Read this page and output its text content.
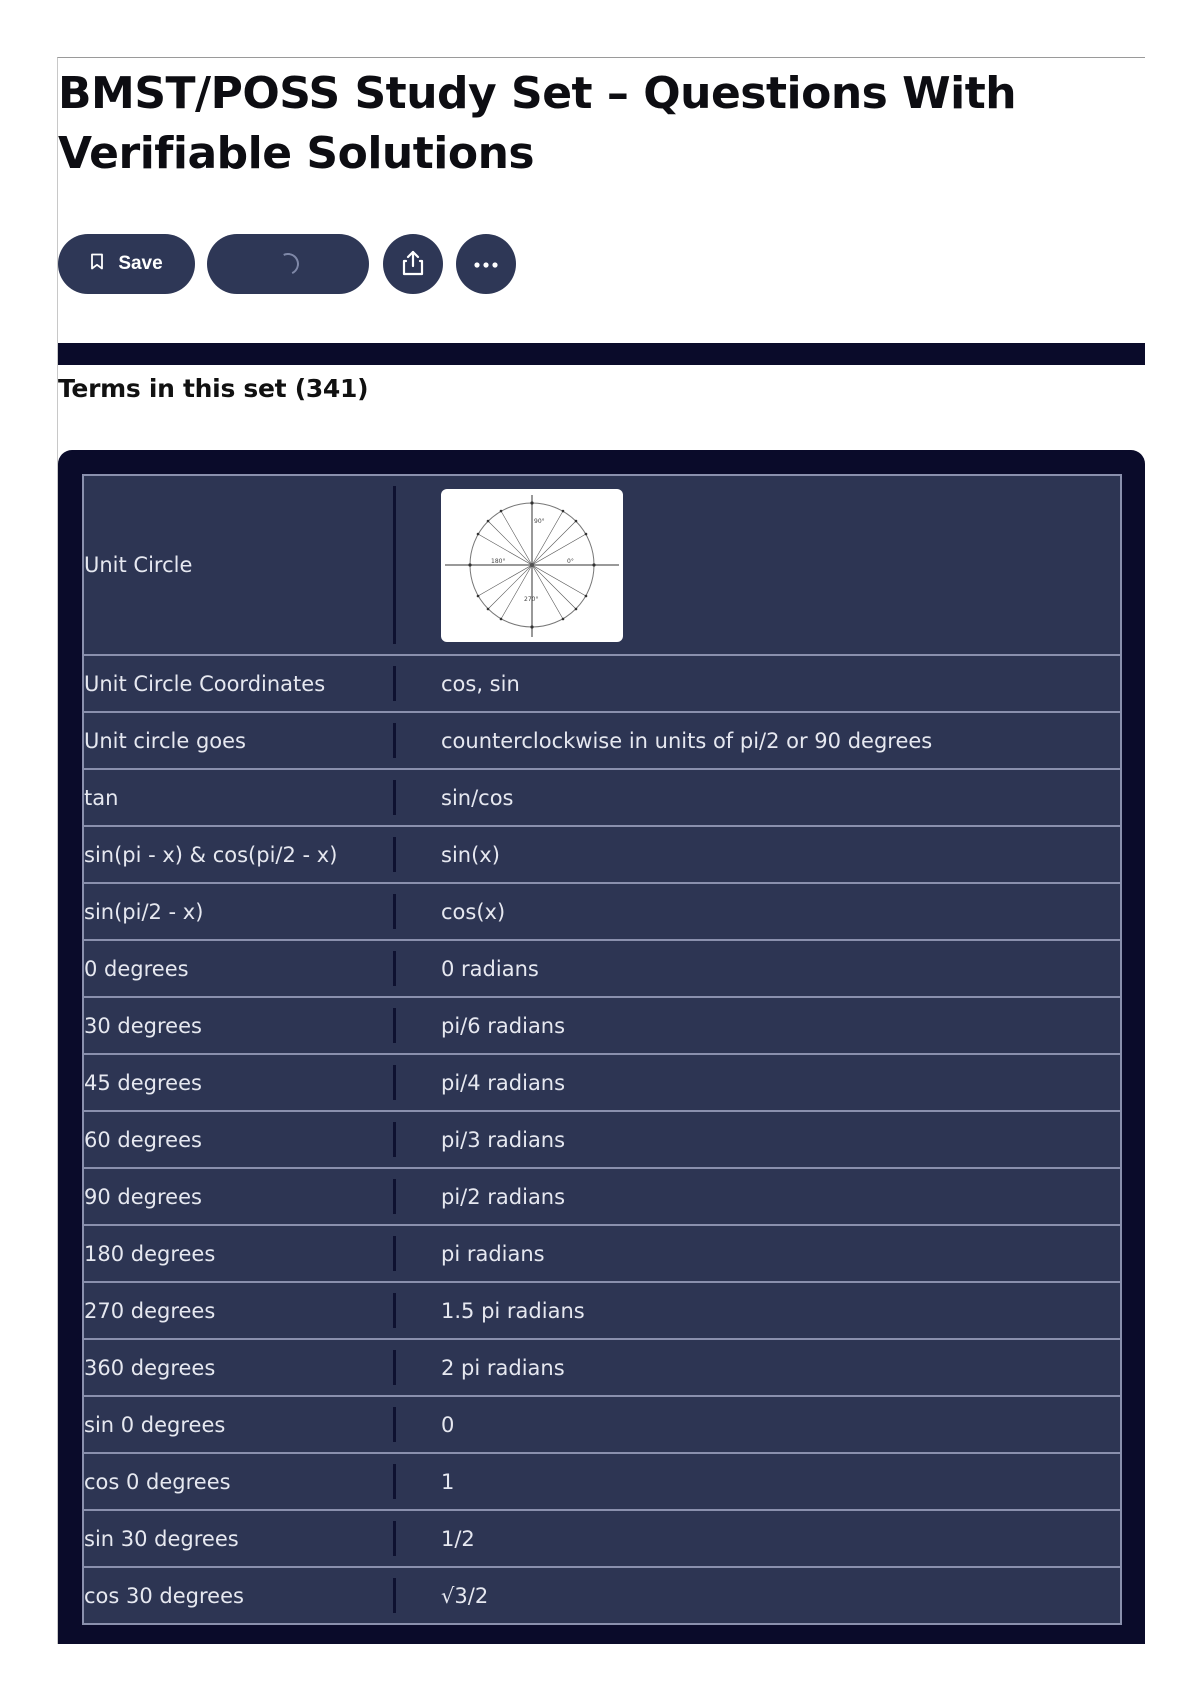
BMST/POSS Study Set – Questions With Verifiable Solutions
Save
Terms in this set (341)
Unit Circle
90°
180°	0°
270°
Unit Circle Coordinates	cos, sin
Unit circle goes	counterclockwise in units of pi/2 or 90 degrees
tan	sin/cos
sin(pi - x) & cos(pi/2 - x)	sin(x)
sin(pi/2 - x)	cos(x)
0 degrees	0 radians
30 degrees	pi/6 radians
45 degrees	pi/4 radians
60 degrees	pi/3 radians
90 degrees	pi/2 radians
180 degrees	pi radians
270 degrees	1.5 pi radians
360 degrees	2 pi radians
sin 0 degrees	0
cos 0 degrees	1
sin 30 degrees	1/2
cos 30 degrees	√3/2
